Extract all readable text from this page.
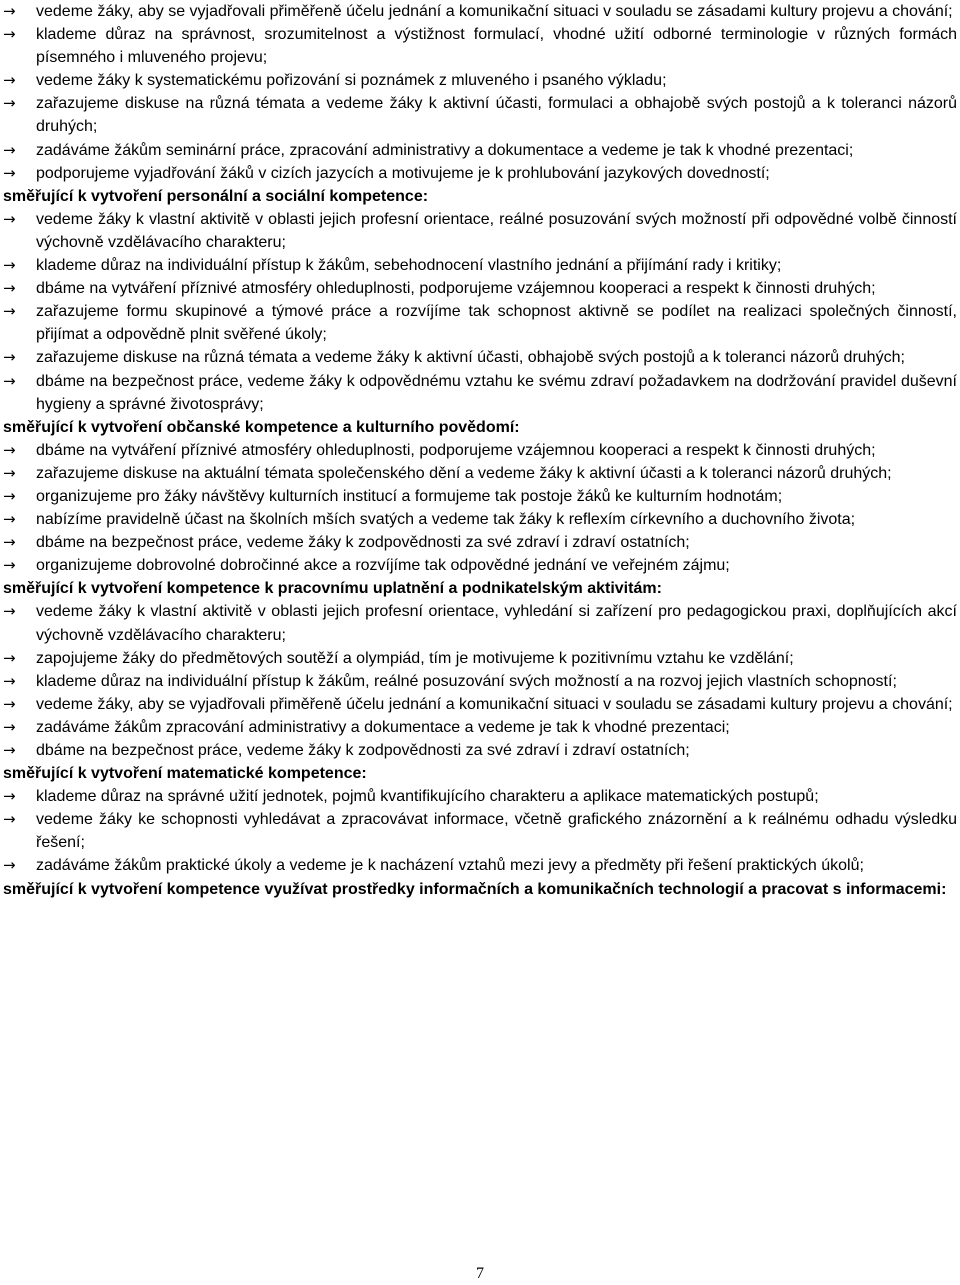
→	vedeme žáky, aby se vyjadřovali přiměřeně účelu jednání a komunikační situaci v souladu se zásadami kultury projevu a chování;
→	klademe důraz na správnost, srozumitelnost a výstižnost formulací, vhodné užití odborné terminologie v různých formách písemného i mluveného projevu;
→	vedeme žáky k systematickému pořizování si poznámek z mluveného i psaného výkladu;
→	zařazujeme diskuse na různá témata a vedeme žáky k aktivní účasti, formulaci a obhajobě svých postojů a k toleranci názorů druhých;
→	zadáváme žákům seminární práce, zpracování administrativy a dokumentace a vedeme je tak k vhodné prezentaci;
→	podporujeme vyjadřování žáků v cizích jazycích a motivujeme je k prohlubování jazykových dovedností;
směřující k vytvoření personální a sociální kompetence:
→	vedeme žáky k vlastní aktivitě v oblasti jejich profesní orientace, reálné posuzování svých možností při odpovědné volbě činností výchovně vzdělávacího charakteru;
→	klademe důraz na individuální přístup k žákům, sebehodnocení vlastního jednání a přijímání rady i kritiky;
→	dbáme na vytváření příznivé atmosféry ohleduplnosti, podporujeme vzájemnou kooperaci a respekt k činnosti druhých;
→	zařazujeme formu skupinové a týmové práce a rozvíjíme tak schopnost aktivně se podílet na realizaci společných činností, přijímat a odpovědně plnit svěřené úkoly;
→	zařazujeme diskuse na různá témata a vedeme žáky k aktivní účasti, obhajobě svých postojů a k toleranci názorů druhých;
→	dbáme na bezpečnost práce, vedeme žáky k odpovědnému vztahu ke svému zdraví požadavkem na dodržování pravidel duševní hygieny a správné životosprávy;
směřující k vytvoření občanské kompetence a kulturního povědomí:
→	dbáme na vytváření příznivé atmosféry ohleduplnosti, podporujeme vzájemnou kooperaci a respekt k činnosti druhých;
→	zařazujeme diskuse na aktuální témata společenského dění a vedeme žáky k aktivní účasti a k toleranci názorů druhých;
→	organizujeme pro žáky návštěvy kulturních institucí a formujeme tak postoje žáků ke kulturním hodnotám;
→	nabízíme pravidelně účast na školních mších svatých a vedeme tak žáky k reflexím církevního a duchovního života;
→	dbáme na bezpečnost práce, vedeme žáky k zodpovědnosti za své zdraví i zdraví ostatních;
→	organizujeme dobrovolné dobročinné akce a rozvíjíme tak odpovědné jednání ve veřejném zájmu;
směřující k vytvoření kompetence k pracovnímu uplatnění a podnikatelským aktivitám:
→	vedeme žáky k vlastní aktivitě v oblasti jejich profesní orientace, vyhledání si zařízení pro pedagogickou praxi, doplňujících akcí výchovně vzdělávacího charakteru;
→	zapojujeme žáky do předmětových soutěží a olympiád, tím je motivujeme k pozitivnímu vztahu ke vzdělání;
→	klademe důraz na individuální přístup k žákům, reálné posuzování svých možností a na rozvoj jejich vlastních schopností;
→	vedeme žáky, aby se vyjadřovali přiměřeně účelu jednání a komunikační situaci v souladu se zásadami kultury projevu a chování;
→	zadáváme žákům zpracování administrativy a dokumentace a vedeme je tak k vhodné prezentaci;
→	dbáme na bezpečnost práce, vedeme žáky k zodpovědnosti za své zdraví i zdraví ostatních;
směřující k vytvoření matematické kompetence:
→	klademe důraz na správné užití jednotek, pojmů kvantifikujícího charakteru a aplikace matematických postupů;
→	vedeme žáky ke schopnosti vyhledávat a zpracovávat informace, včetně grafického znázornění a k reálnému odhadu výsledku řešení;
→	zadáváme žákům praktické úkoly a vedeme je k nacházení vztahů mezi jevy a předměty při řešení praktických úkolů;
směřující k vytvoření kompetence využívat prostředky informačních a komunikačních technologií a pracovat s informacemi:
7
